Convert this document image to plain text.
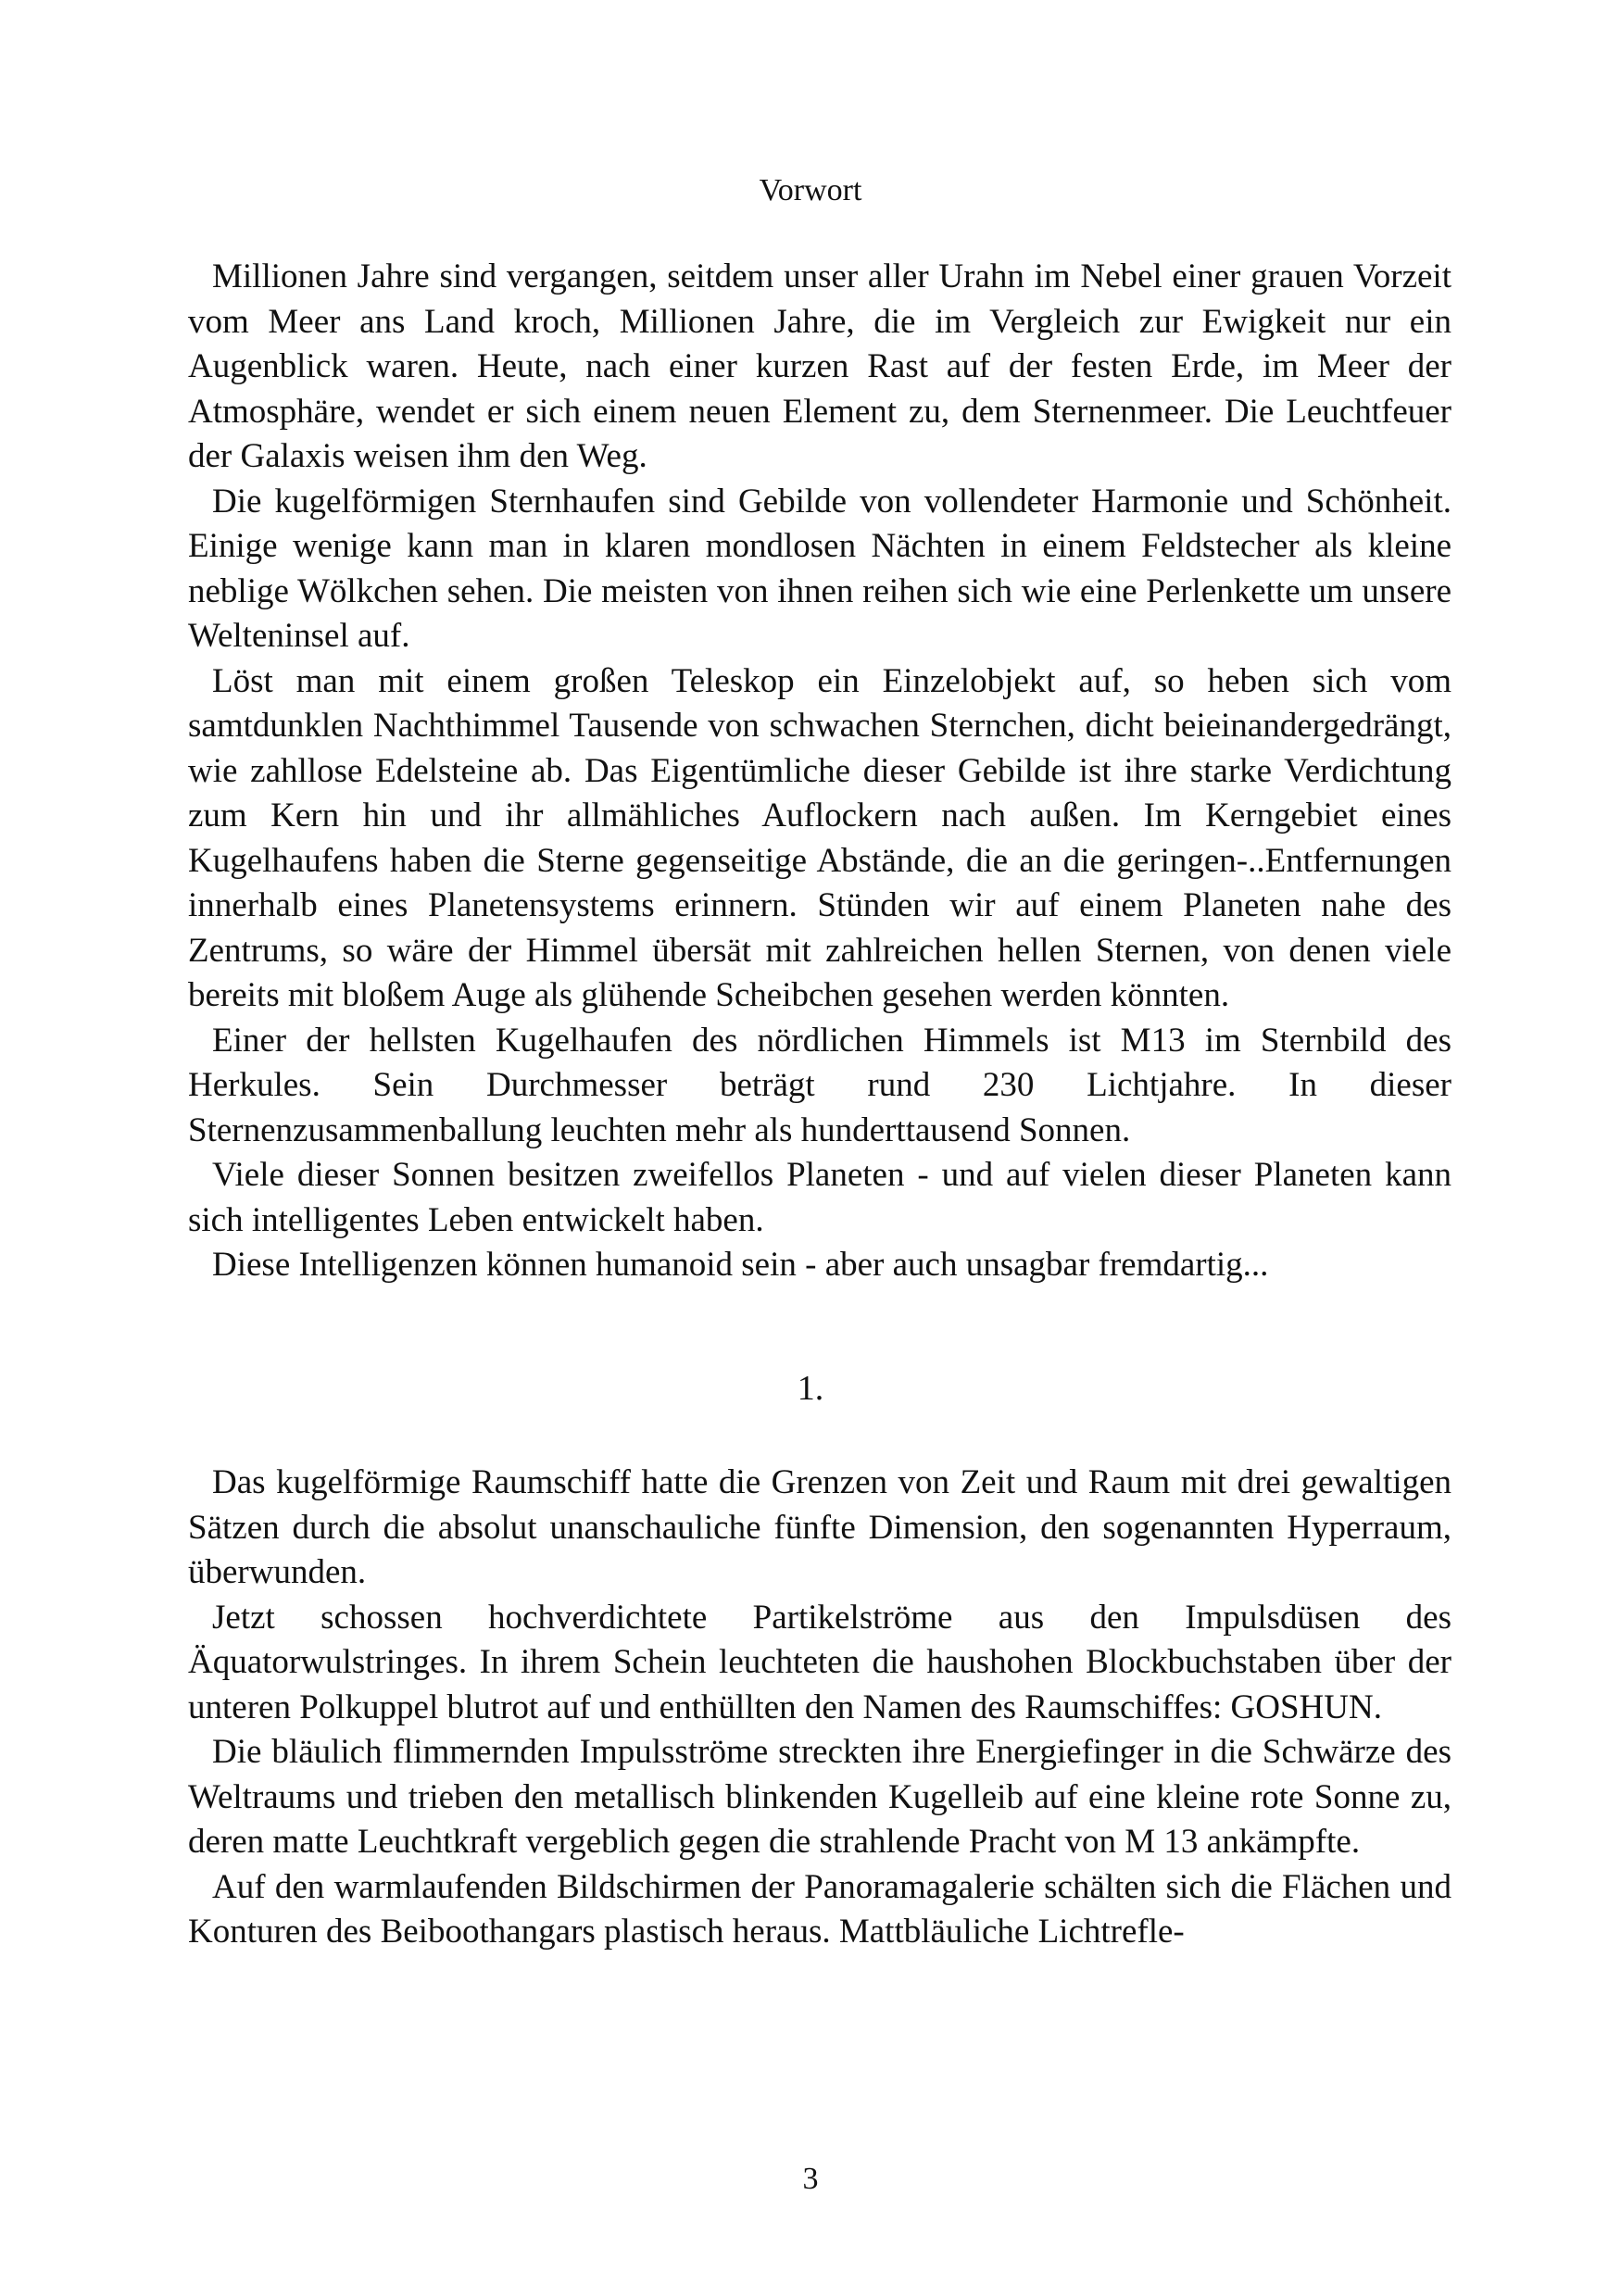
Vorwort

Millionen Jahre sind vergangen, seitdem unser aller Urahn im Nebel einer grauen Vorzeit vom Meer ans Land kroch, Millionen Jahre, die im Vergleich zur Ewigkeit nur ein Augenblick waren. Heute, nach einer kurzen Rast auf der festen Erde, im Meer der Atmosphäre, wendet er sich einem neuen Element zu, dem Sternenmeer. Die Leuchtfeuer der Galaxis weisen ihm den Weg.

Die kugelförmigen Sternhaufen sind Gebilde von vollendeter Harmonie und Schönheit. Einige wenige kann man in klaren mondlosen Nächten in einem Feldstecher als kleine neblige Wölkchen sehen. Die meisten von ihnen reihen sich wie eine Perlenkette um unsere Welteninsel auf.

Löst man mit einem großen Teleskop ein Einzelobjekt auf, so heben sich vom samtdunklen Nachthimmel Tausende von schwachen Sternchen, dicht beieinandergedrängt, wie zahllose Edelsteine ab. Das Eigentümliche dieser Gebilde ist ihre starke Verdichtung zum Kern hin und ihr allmähliches Auflockern nach außen. Im Kerngebiet eines Kugelhaufens haben die Sterne gegenseitige Abstände, die an die geringen-..Entfernungen innerhalb eines Planetensystems erinnern. Stünden wir auf einem Planeten nahe des Zentrums, so wäre der Himmel übersät mit zahlreichen hellen Sternen, von denen viele bereits mit bloßem Auge als glühende Scheibchen gesehen werden könnten.

Einer der hellsten Kugelhaufen des nördlichen Himmels ist M13 im Sternbild des Herkules. Sein Durchmesser beträgt rund 230 Lichtjahre. In dieser Sternenzusammenballung leuchten mehr als hunderttausend Sonnen.

Viele dieser Sonnen besitzen zweifellos Planeten - und auf vielen dieser Planeten kann sich intelligentes Leben entwickelt haben.

Diese Intelligenzen können humanoid sein - aber auch unsagbar fremdartig...

1.

Das kugelförmige Raumschiff hatte die Grenzen von Zeit und Raum mit drei gewaltigen Sätzen durch die absolut unanschauliche fünfte Dimension, den sogenannten Hyperraum, überwunden.

Jetzt schossen hochverdichtete Partikelströme aus den Impulsdüsen des Äquatorwulstringes. In ihrem Schein leuchteten die haushohen Blockbuchstaben über der unteren Polkuppel blutrot auf und enthüllten den Namen des Raumschiffes: GOSHUN.

Die bläulich flimmernden Impulsströme streckten ihre Energiefinger in die Schwärze des Weltraums und trieben den metallisch blinkenden Kugelleib auf eine kleine rote Sonne zu, deren matte Leuchtkraft vergeblich gegen die strahlende Pracht von M 13 ankämpfte.

Auf den warmlaufenden Bildschirmen der Panoramagalerie schälten sich die Flächen und Konturen des Beiboothangars plastisch heraus. Mattbläuliche Lichtrefle-

3
